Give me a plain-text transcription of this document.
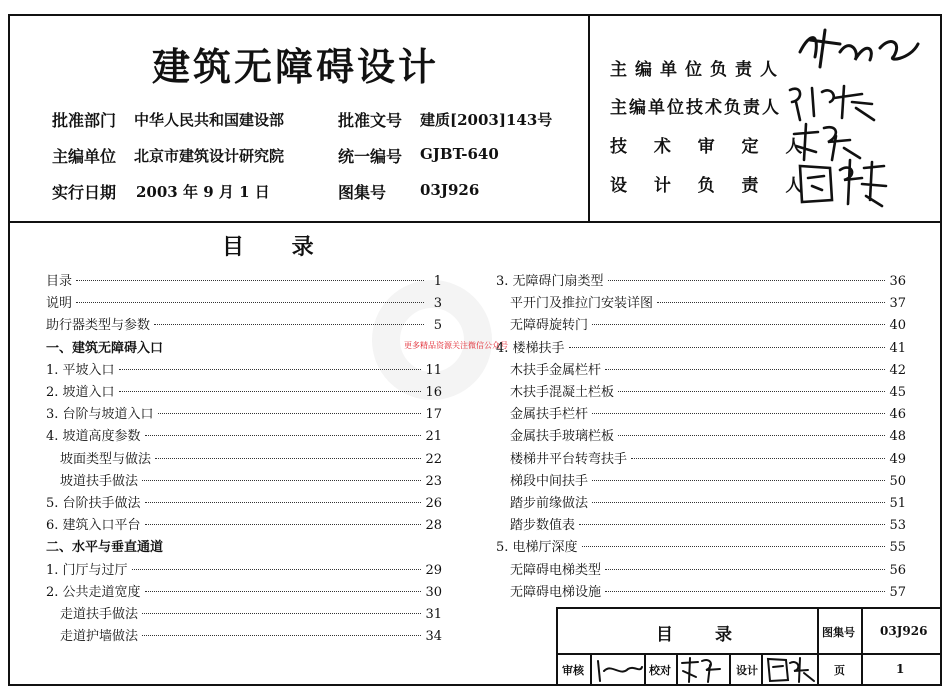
建筑无障碍设计
批准部门 中华人民共和国建设部	批准文号 建质[2003]143号
主编单位 北京市建筑设计研究院	统一编号 GJBT-640
实行日期 2003 年 9 月 1 日	图集号 03J926
主编单位负责人
主编单位技术负责人
技  术  审  定  人
设  计  负  责  人
更多精品资源关注微信公众号
目 录
目录	1
说明	3
助行器类型与参数	5
一、建筑无障碍入口
1. 平坡入口	11
2. 坡道入口	16
3. 台阶与坡道入口	17
4. 坡道高度参数	21
坡面类型与做法	22
坡道扶手做法	23
5. 台阶扶手做法	26
6. 建筑入口平台	28
二、水平与垂直通道
1. 门厅与过厅	29
2. 公共走道宽度	30
走道扶手做法	31
走道护墙做法	34
3. 无障碍门扇类型	36
平开门及推拉门安装详图	37
无障碍旋转门	40
4. 楼梯扶手	41
木扶手金属栏杆	42
木扶手混凝土栏板	45
金属扶手栏杆	46
金属扶手玻璃栏板	48
楼梯井平台转弯扶手	49
梯段中间扶手	50
踏步前缘做法	51
踏步数值表	53
5. 电梯厅深度	55
无障碍电梯类型	56
无障碍电梯设施	57
目录	图集号 03J926
审核	校对	设计	页	1
